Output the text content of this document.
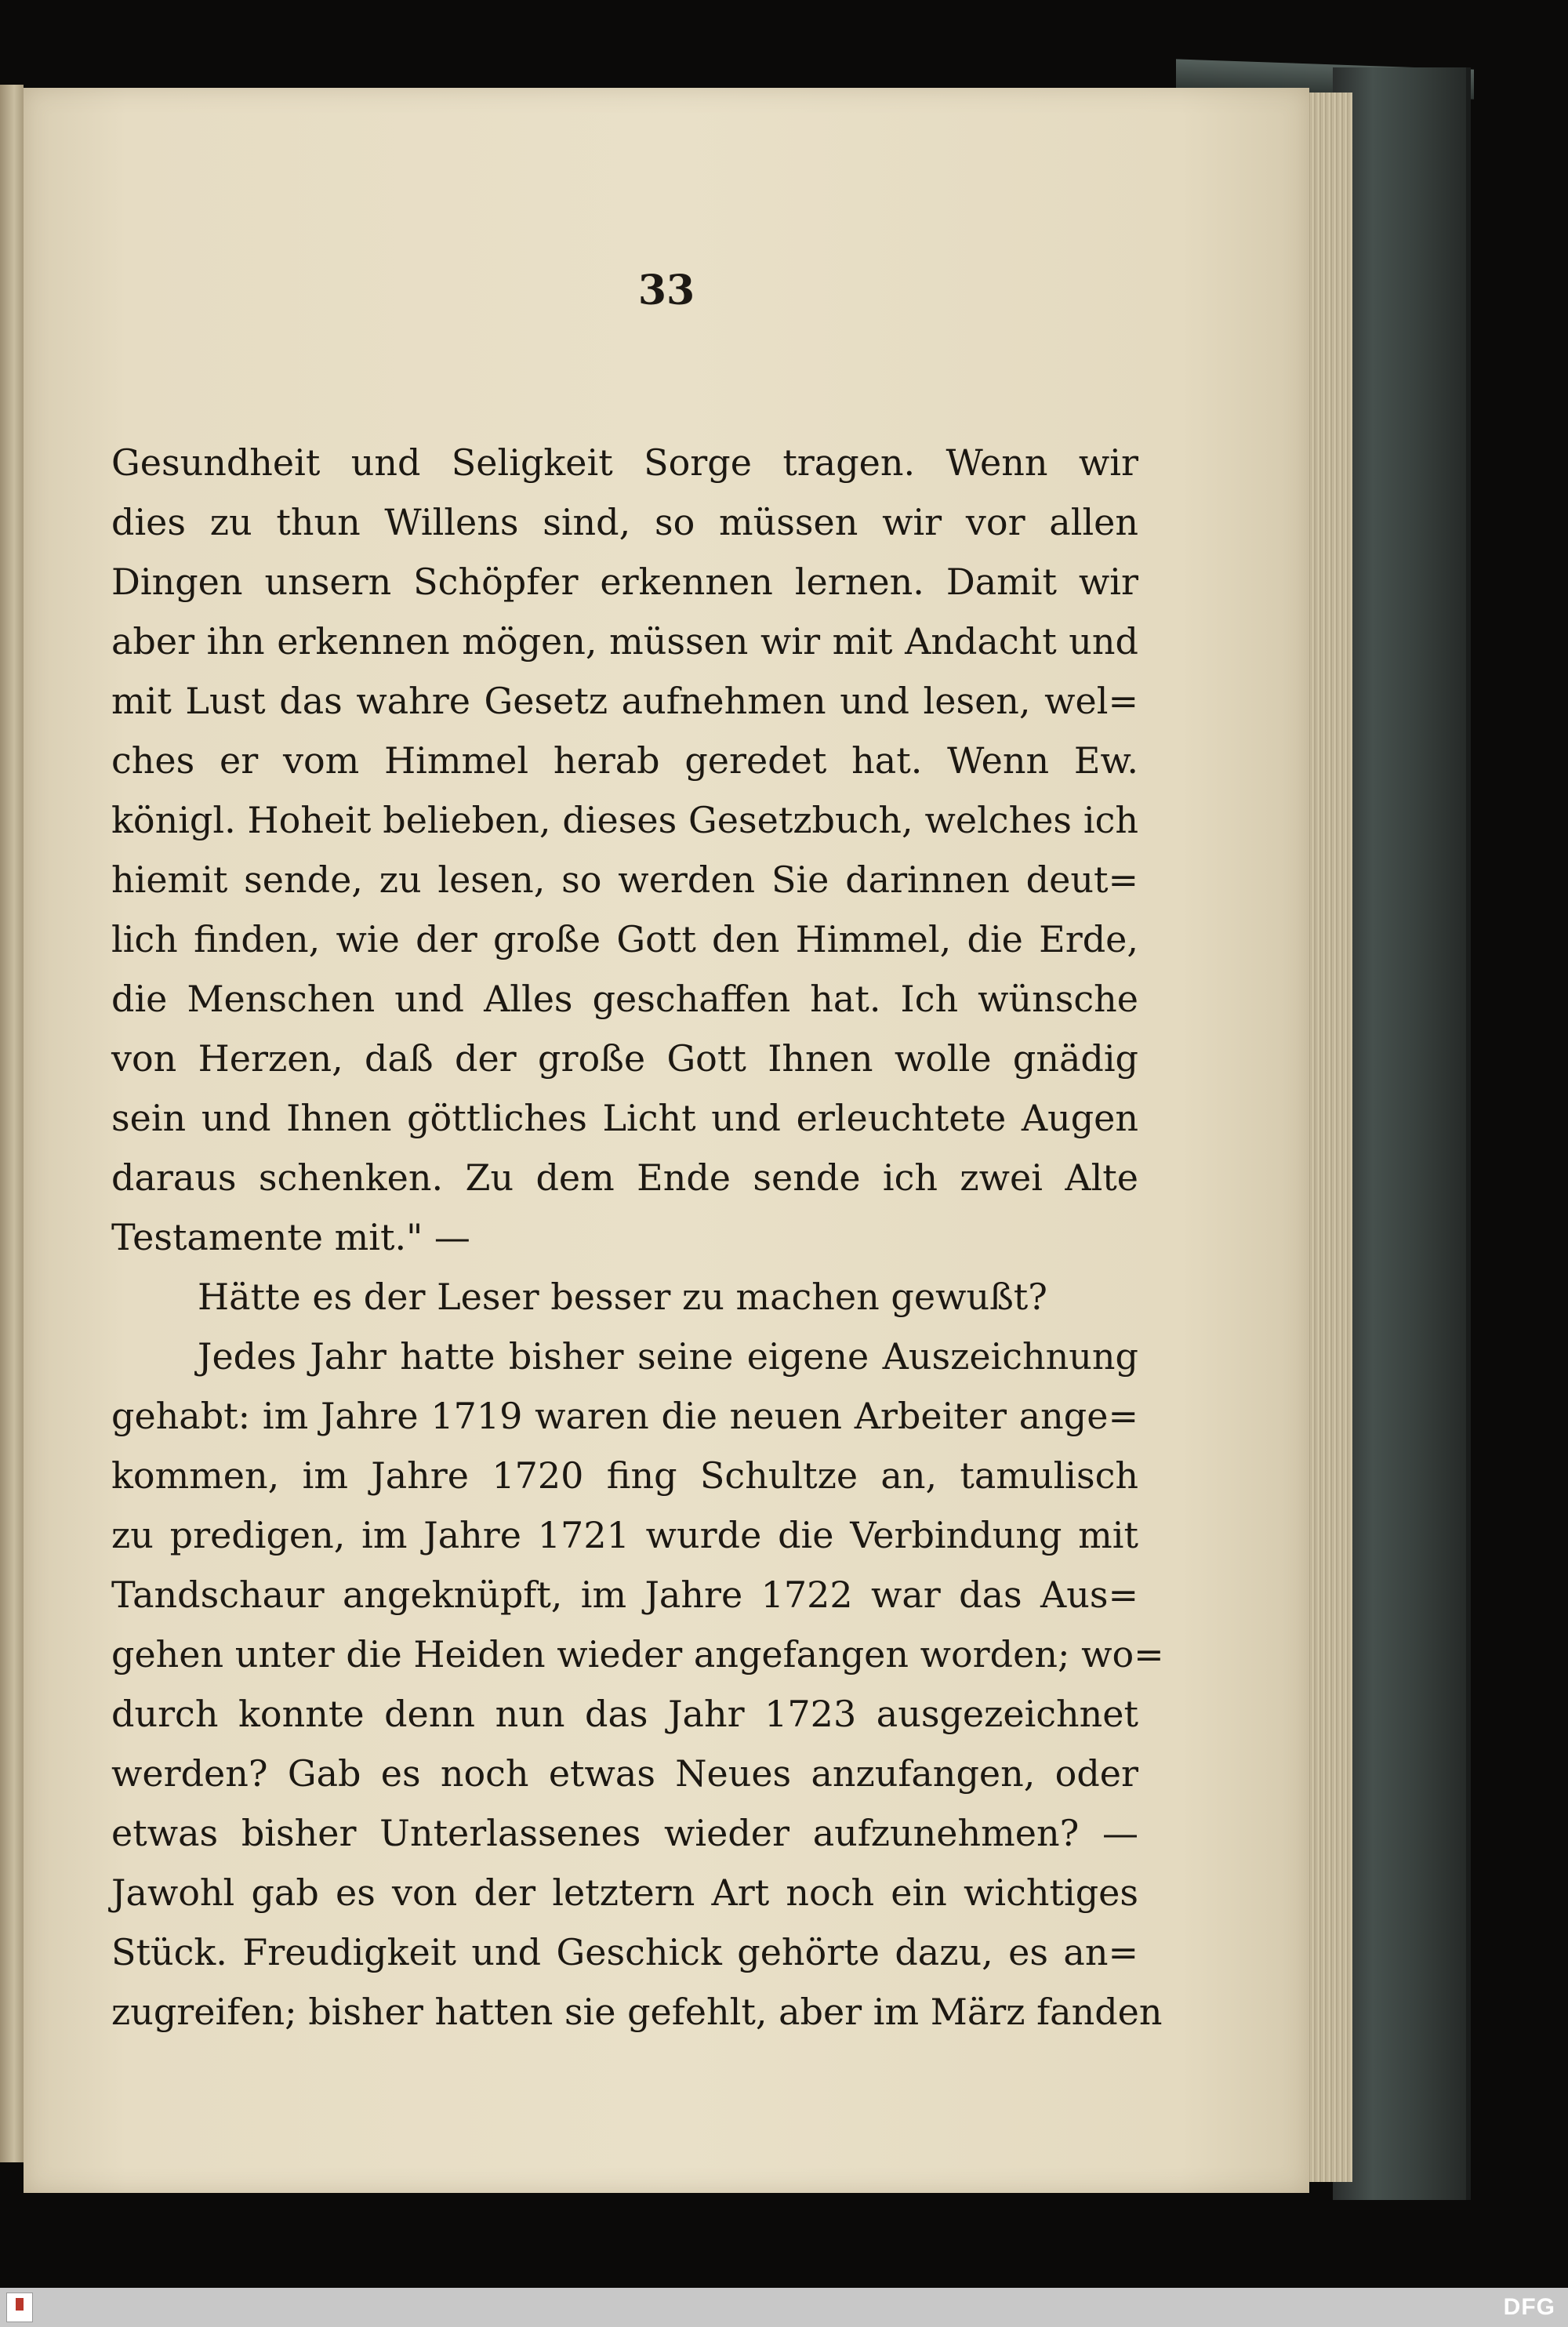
33

Gesundheit und Seligkeit Sorge tragen. Wenn wir
dies zu thun Willens sind, so müssen wir vor allen
Dingen unsern Schöpfer erkennen lernen. Damit wir
aber ihn erkennen mögen, müssen wir mit Andacht und
mit Lust das wahre Gesetz aufnehmen und lesen, wel=
ches er vom Himmel herab geredet hat. Wenn Ew.
königl. Hoheit belieben, dieses Gesetzbuch, welches ich
hiemit sende, zu lesen, so werden Sie darinnen deut=
lich finden, wie der große Gott den Himmel, die Erde,
die Menschen und Alles geschaffen hat. Ich wünsche
von Herzen, daß der große Gott Ihnen wolle gnädig
sein und Ihnen göttliches Licht und erleuchtete Augen
daraus schenken. Zu dem Ende sende ich zwei Alte
Testamente mit." —
Hätte es der Leser besser zu machen gewußt?
Jedes Jahr hatte bisher seine eigene Auszeichnung
gehabt: im Jahre 1719 waren die neuen Arbeiter ange=
kommen, im Jahre 1720 fing Schultze an, tamulisch
zu predigen, im Jahre 1721 wurde die Verbindung mit
Tandschaur angeknüpft, im Jahre 1722 war das Aus=
gehen unter die Heiden wieder angefangen worden; wo=
durch konnte denn nun das Jahr 1723 ausgezeichnet
werden? Gab es noch etwas Neues anzufangen, oder
etwas bisher Unterlassenes wieder aufzunehmen? —
Jawohl gab es von der letztern Art noch ein wichtiges
Stück. Freudigkeit und Geschick gehörte dazu, es an=
zugreifen; bisher hatten sie gefehlt, aber im März fanden
DFG
